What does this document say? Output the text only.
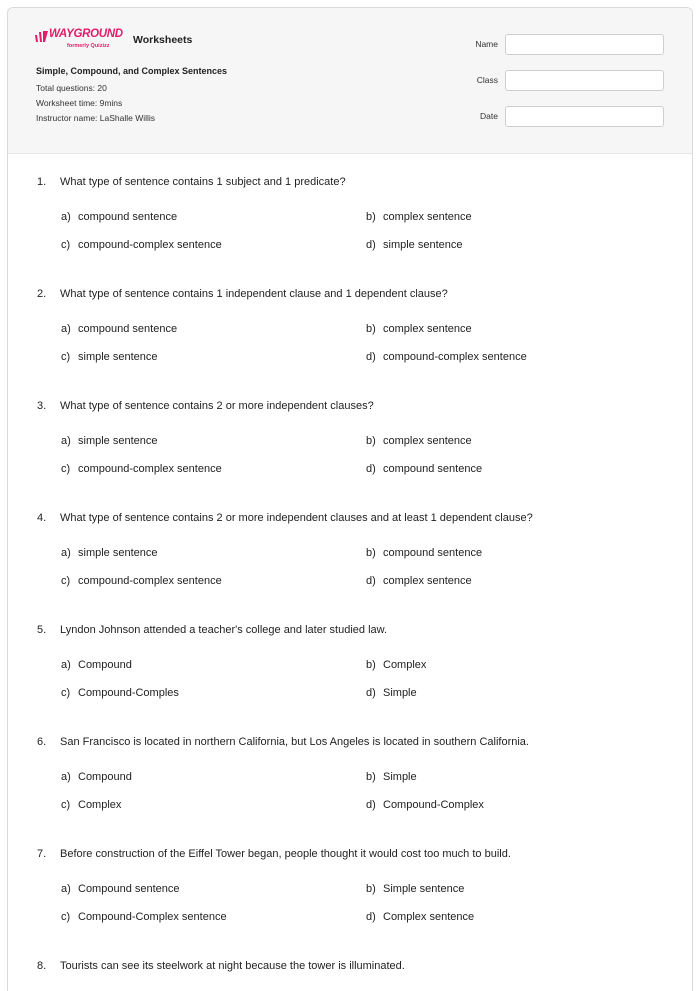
WAYGROUND
formerly Quizizz Worksheets
Simple, Compound, and Complex Sentences
Total questions: 20
Worksheet time: 9mins
Instructor name: LaShalle Willis
Name
Class
Date
1. What type of sentence contains 1 subject and 1 predicate?
a) compound sentence	b) complex sentence
c) compound-complex sentence	d) simple sentence
2. What type of sentence contains 1 independent clause and 1 dependent clause?
a) compound sentence	b) complex sentence
c) simple sentence	d) compound-complex sentence
3. What type of sentence contains 2 or more independent clauses?
a) simple sentence	b) complex sentence
c) compound-complex sentence	d) compound sentence
4. What type of sentence contains 2 or more independent clauses and at least 1 dependent clause?
a) simple sentence	b) compound sentence
c) compound-complex sentence	d) complex sentence
5. Lyndon Johnson attended a teacher's college and later studied law.
a) Compound	b) Complex
c) Compound-Comples	d) Simple
6. San Francisco is located in northern California, but Los Angeles is located in southern California.
a) Compound	b) Simple
c) Complex	d) Compound-Complex
7. Before construction of the Eiffel Tower began, people thought it would cost too much to build.
a) Compound sentence	b) Simple sentence
c) Compound-Complex sentence	d) Complex sentence
8. Tourists can see its steelwork at night because the tower is illuminated.
